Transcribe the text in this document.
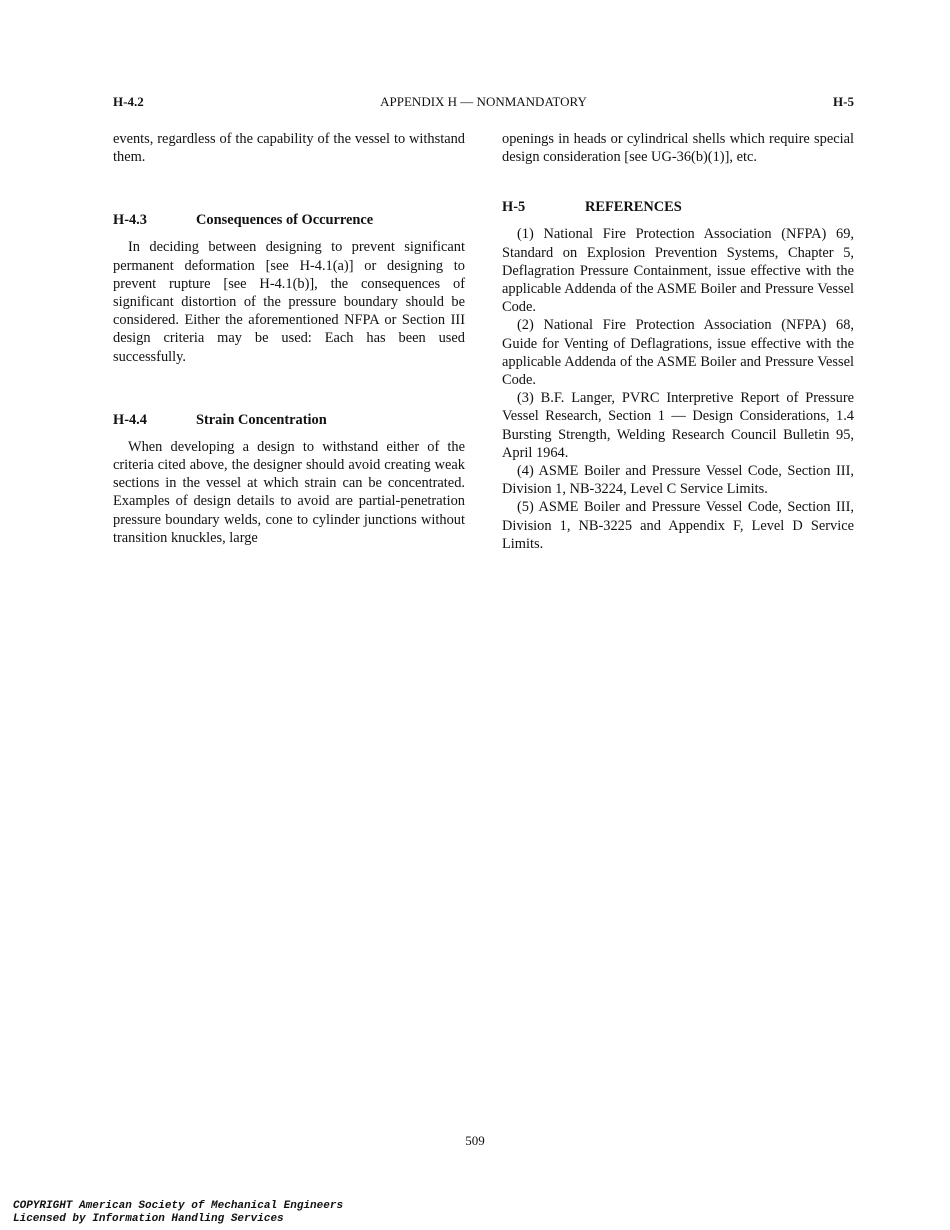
H-4.2	APPENDIX H — NONMANDATORY	H-5

events, regardless of the capability of the vessel to withstand them.

H-4.3	Consequences of Occurrence

In deciding between designing to prevent significant permanent deformation [see H-4.1(a)] or designing to prevent rupture [see H-4.1(b)], the consequences of significant distortion of the pressure boundary should be considered. Either the aforementioned NFPA or Section III design criteria may be used: Each has been used successfully.

H-4.4	Strain Concentration

When developing a design to withstand either of the criteria cited above, the designer should avoid creating weak sections in the vessel at which strain can be concentrated. Examples of design details to avoid are partial-penetration pressure boundary welds, cone to cylinder junctions without transition knuckles, large

openings in heads or cylindrical shells which require special design consideration [see UG-36(b)(1)], etc.

H-5	REFERENCES

(1) National Fire Protection Association (NFPA) 69, Standard on Explosion Prevention Systems, Chapter 5, Deflagration Pressure Containment, issue effective with the applicable Addenda of the ASME Boiler and Pressure Vessel Code.

(2) National Fire Protection Association (NFPA) 68, Guide for Venting of Deflagrations, issue effective with the applicable Addenda of the ASME Boiler and Pressure Vessel Code.

(3) B.F. Langer, PVRC Interpretive Report of Pressure Vessel Research, Section 1 — Design Considerations, 1.4 Bursting Strength, Welding Research Council Bulletin 95, April 1964.

(4) ASME Boiler and Pressure Vessel Code, Section III, Division 1, NB-3224, Level C Service Limits.

(5) ASME Boiler and Pressure Vessel Code, Section III, Division 1, NB-3225 and Appendix F, Level D Service Limits.

509
COPYRIGHT American Society of Mechanical Engineers
Licensed by Information Handling Services
